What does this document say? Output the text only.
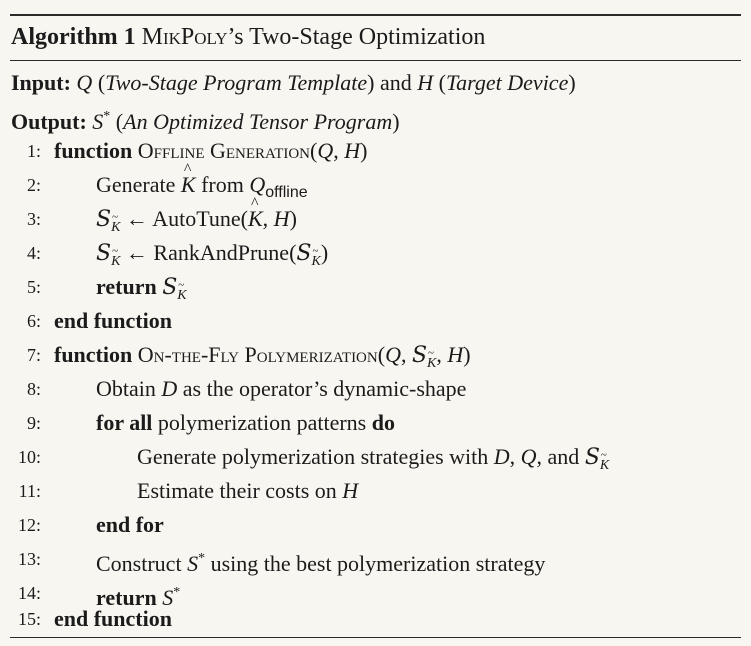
Algorithm 1 MikPoly’s Two-Stage Optimization
Input: Q (Two-Stage Program Template) and H (Target Device)
Output: S* (An Optimized Tensor Program)
1: function Offline Generation(Q, H)
2:	Generate K ^ from $Q_{offline}$
3:	SK ~ ← AutoTune(K ^, H)
4:	SK ~ ← RankAndPrune(SK ~)
5:	return SK ~
6: end function
7: function On-the-Fly Polymerization(Q, SK ~, H)
8:	Obtain D as the operator’s dynamic-shape
9:	for all polymerization patterns do
10:	Generate polymerization strategies with D, Q, and SK ~
11:	Estimate their costs on H
12:	end for
13:	Construct S* using the best polymerization strategy
14:	return S*
15: end function
